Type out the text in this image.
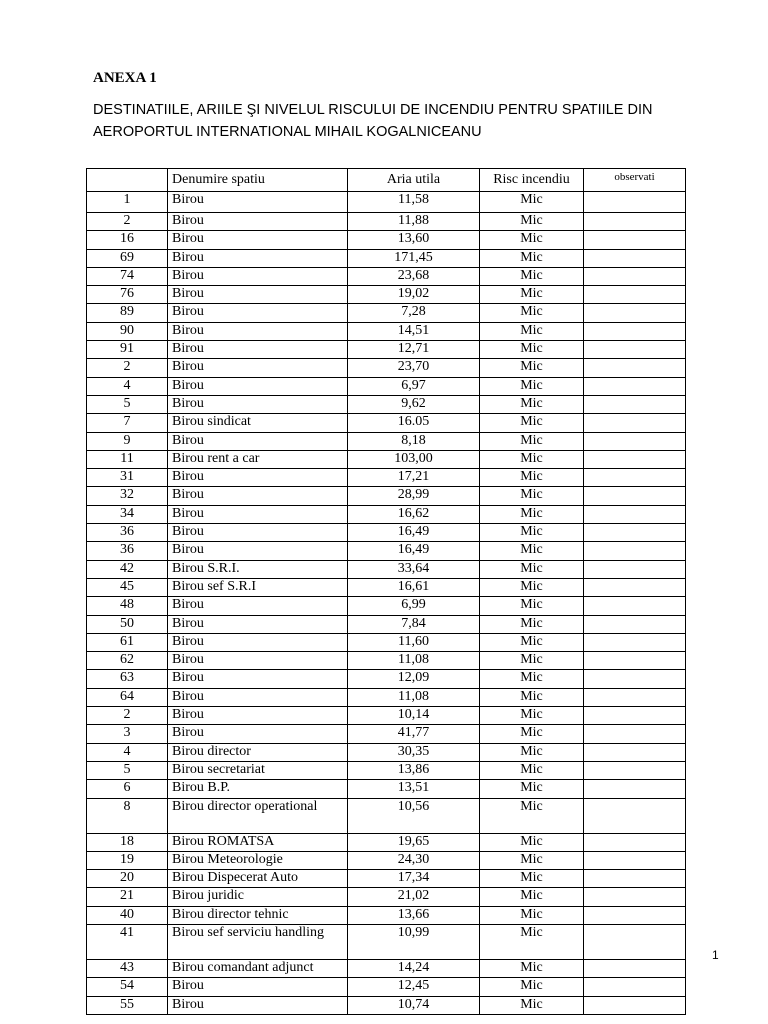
ANEXA 1
DESTINATIILE, ARIILE ŞI NIVELUL RISCULUI DE INCENDIU PENTRU SPATIILE DIN
AEROPORTUL INTERNATIONAL MIHAIL KOGALNICEANU
	Denumire spatiu	Aria utila	Risc incendiu	observati
1	Birou	11,58	Mic	
2	Birou	11,88	Mic	
16	Birou	13,60	Mic	
69	Birou	171,45	Mic	
74	Birou	23,68	Mic	
76	Birou	19,02	Mic	
89	Birou	7,28	Mic	
90	Birou	14,51	Mic	
91	Birou	12,71	Mic	
2	Birou	23,70	Mic	
4	Birou	6,97	Mic	
5	Birou	9,62	Mic	
7	Birou sindicat	16.05	Mic	
9	Birou	8,18	Mic	
11	Birou rent a car	103,00	Mic	
31	Birou	17,21	Mic	
32	Birou	28,99	Mic	
34	Birou	16,62	Mic	
36	Birou	16,49	Mic	
36	Birou	16,49	Mic	
42	Birou S.R.I.	33,64	Mic	
45	Birou sef S.R.I	16,61	Mic	
48	Birou	6,99	Mic	
50	Birou	7,84	Mic	
61	Birou	11,60	Mic	
62	Birou	11,08	Mic	
63	Birou	12,09	Mic	
64	Birou	11,08	Mic	
2	Birou	10,14	Mic	
3	Birou	41,77	Mic	
4	Birou director	30,35	Mic	
5	Birou secretariat	13,86	Mic	
6	Birou B.P.	13,51	Mic	
8	Birou director operational	10,56	Mic	
18	Birou ROMATSA	19,65	Mic	
19	Birou Meteorologie	24,30	Mic	
20	Birou Dispecerat Auto	17,34	Mic	
21	Birou juridic	21,02	Mic	
40	Birou director tehnic	13,66	Mic	
41	Birou sef serviciu handling	10,99	Mic	
43	Birou comandant adjunct	14,24	Mic	
54	Birou	12,45	Mic	
55	Birou	10,74	Mic	
1
